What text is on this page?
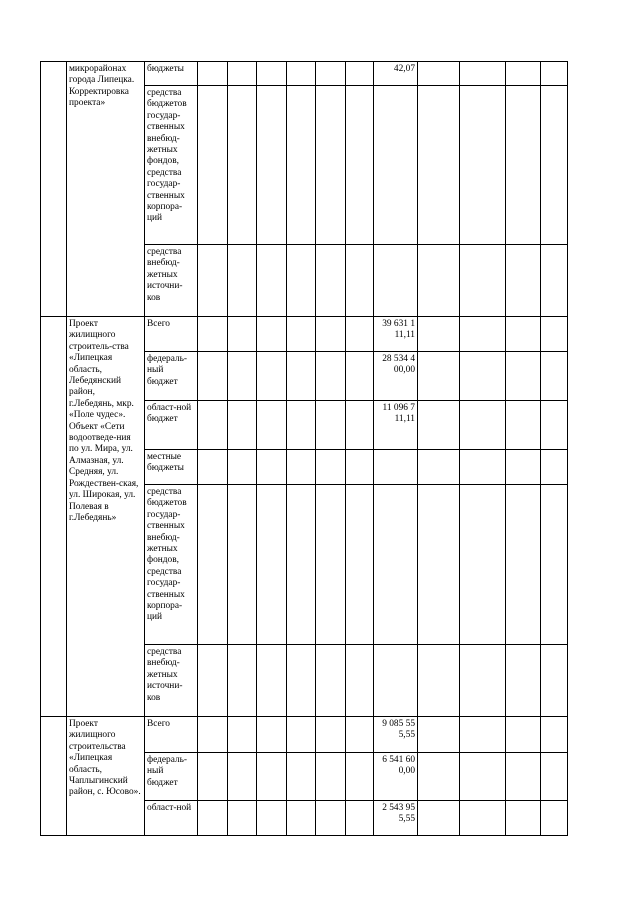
	микрорайонах города Липецка. Корректировка проекта»	бюджеты							42,07				
		средства бюджетов государ-ственных внебюд-жетных фондов, средства государ-ственных корпора-ций											
		средства внебюд-жетных источни-ков											
	Проект жилищного строитель-ства «Липецкая область, Лебедянский район, г.Лебедянь, мкр. «Поле чудес». Объект «Сети водоотведе-ния по ул. Мира, ул. Алмазная, ул. Средняя, ул. Рождествен-ская, ул. Широкая, ул. Полевая в г.Лебедянь»	Всего							39 631 1 11,11				
		федераль-ный бюджет							28 534 4 00,00				
		област-ной бюджет							11 096 7 11,11				
		местные бюджеты											
		средства бюджетов государ-ственных внебюд-жетных фондов, средства государ-ственных корпора-ций											
		средства внебюд-жетных источни-ков											
	Проект жилищного строительства «Липецкая область, Чаплыгинский район, с. Юсово».	Всего							9 085 55 5,55				
		федераль-ный бюджет							6 541 60 0,00				
		област-ной							2 543 95 5,55				
